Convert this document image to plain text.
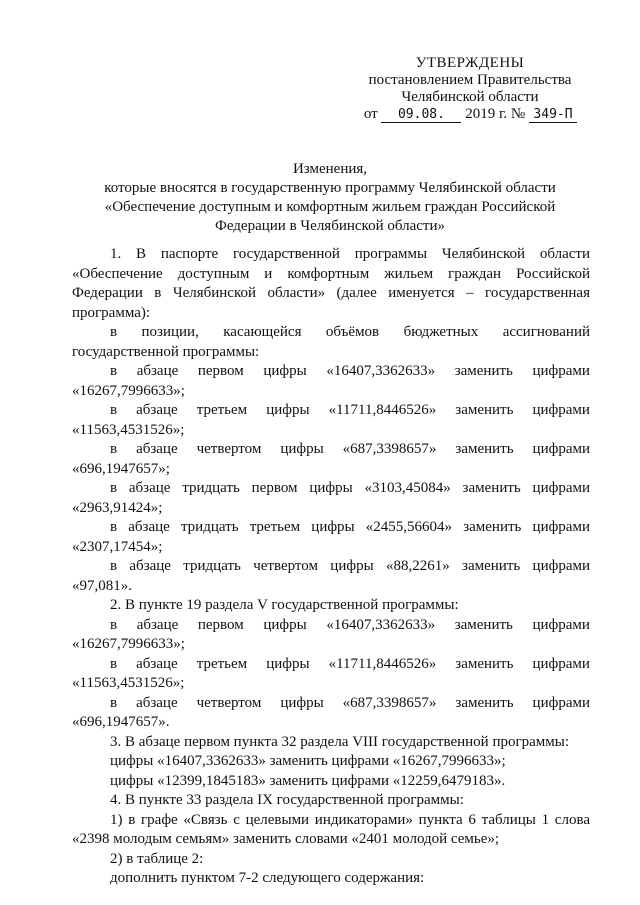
УТВЕРЖДЕНЫ
постановлением Правительства
Челябинской области
от 09.08. 2019 г. № 349-П
Изменения,
которые вносятся в государственную программу Челябинской области
«Обеспечение доступным и комфортным жильем граждан Российской
Федерации в Челябинской области»

1. В паспорте государственной программы Челябинской области

«Обеспечение доступным и комфортным жильем граждан Российской

Федерации в Челябинской области» (далее именуется – государственная

программа):

в позиции, касающейся объёмов бюджетных ассигнований

государственной программы:

в абзаце первом цифры «16407,3362633» заменить цифрами

«16267,7996633»;

в абзаце третьем цифры «11711,8446526» заменить цифрами

«11563,4531526»;

в абзаце четвертом цифры «687,3398657» заменить цифрами

«696,1947657»;

в абзаце тридцать первом цифры «3103,45084» заменить цифрами

«2963,91424»;

в абзаце тридцать третьем цифры «2455,56604» заменить цифрами

«2307,17454»;

в абзаце тридцать четвертом цифры «88,2261» заменить цифрами

«97,081».

2. В пункте 19 раздела V государственной программы:

в абзаце первом цифры «16407,3362633» заменить цифрами

«16267,7996633»;

в абзаце третьем цифры «11711,8446526» заменить цифрами

«11563,4531526»;

в абзаце четвертом цифры «687,3398657» заменить цифрами

«696,1947657».

3. В абзаце первом пункта 32 раздела VIII государственной программы:

цифры «16407,3362633» заменить цифрами «16267,7996633»;

цифры «12399,1845183» заменить цифрами «12259,6479183».

4. В пункте 33 раздела IX государственной программы:

1) в графе «Связь с целевыми индикаторами» пункта 6 таблицы 1 слова

«2398 молодым семьям» заменить словами «2401 молодой семье»;

2) в таблице 2:

дополнить пунктом 7-2 следующего содержания:
